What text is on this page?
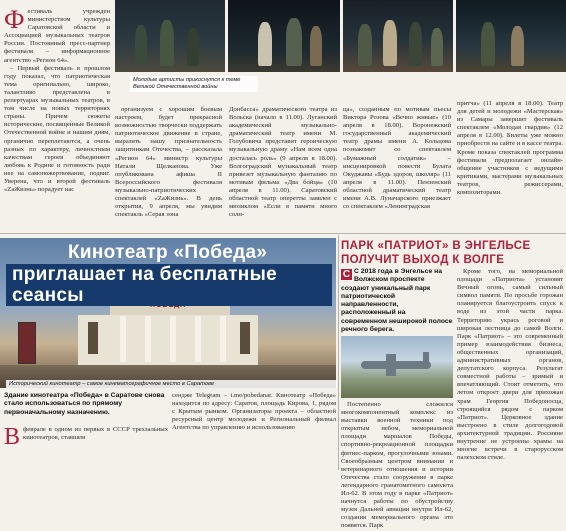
Молодые артисты прикоснутся к теме Великой Отечественной войны
Ф естиваль учрежден министерством культуры Саратовской области и Ассоциацией музыкальных театров России. Постоянный пресс-партнер фестиваля – информационное агентство «Регион 64».

– Первый фестиваль в прошлом году показал, что патриотическая тема оригинально, широко, талантливо представлена в репертуарах музыкальных театров, в том числе на новых территориях страны. Причем сюжеты исторические, посвященные Великой Отечественной войне и нашим дням, органично переплетаются, а очень разных по характеру, личностным качествам героев объединяют любовь к Родине и готовность ради нее на самопожертвование, подвиг. Уверена, что и второй фестиваль «ZаЖизнь» порадует нас

организуем с хорошим боевым настроем, будет прекрасной возможностью творчески поддержать патриотическое движение в стране, выразить нашу признательность защитникам Отечества, – рассказала «Регион 64» министр культуры Натали Щелканова. Уже опубликована афиша II Всероссийского фестиваля музыкально-патриотических спектаклей «ZаЖизнь». В день открытия, 9 апреля, мы увидим спектакль «Серая зона

Донбасса» драматического театра из Вольска (начало в 11.00). Луганский академический музыкально-драматический театр имени М. Голубовича представит героическую музыкальную драму «Нам всем одна досталась роль» (9 апреля в 18.00). Волгоградский музыкальный театр привезет музыкальную фантазию по мотивам фильма «Два бойца» (10 апреля в 11.00). Саратовский областной театр оперетты заявлен с мюзиклом «Если в памяти много солн-

ца», созданным по мотивам пьесы Виктора Розова «Вечно живые» (10 апреля в 18.00). Воронежский государственный академический театр драмы имени А. Кольцова познакомит со спектаклем «Бумажный солдатик» – инсценировкой повести Булата Окуджавы «Будь здоров, школяр» (11 апреля в 11.00). Пензенский областной драматический театр имени А.В. Луначарского приезжает со спектаклем «Ленинградская

притча» (11 апреля в 18.00). Театр для детей и молодежи «Мастерская» из Самары завершит фестиваль спектаклем «Молодая гвардия» (12 апреля в 12.00). Билеты уже можно приобрести на сайте и в кассе театра. Кроме показа спектаклей программа фестиваля предполагает онлайн-общение участников с ведущими критиками, мастерами музыкальных театров, режиссерами, композиторами.

Кинотеатр «Победа»
приглашает на бесплатные сеансы
Исторический кинотеатр – самое кинематографичное место в Саратове
Здание кинотеатра «Победа» в Саратове снова стало использоваться по прямому первоначальному назначению.
В феврале в одном из первых в СССР трехзальных кинотеатров, ставшем

сендже Telegram – t.me/pobedanar. Кинотеатр «Победа» находится по адресу: Саратов, площадь Кирова, 1, рядом с Крытым рынком. Организаторы проекта – областной ресурсный центр молодежи и Региональный филиал Агентства по управлению и использованию

ПАРК «ПАТРИОТ» В ЭНГЕЛЬСЕ ПОЛУЧИТ ВЫХОД К ВОЛГЕ
С С 2018 года в Энгельсе на Волжском проспекте создают уникальный парк патриотической направленности, расположенный на современном неширокой полосе речного берега.

Постепенно сложился многокомпонентный комплекс из выставки военной техники под открытым небом, мемориальной площади маршалов Победы, спортивно-рекреационной площадки фитнес-парком, прогулочными зонами. Своеобразным центром внимания и ветеринарного отношения и истории Отечества стало сооружение в парке легендарного гранатометного самолета Ил-62. В этом году в парке «Патриот» начнутся работы по обустройству музея Дальней авиации внутри Ил-62, создания мемориального органа это появятся. Парк

Кроме того, на мемориальной площади «Патриота» установят Вечный огонь, самый сильный символ памяти. По просьбе горожан планируется благоустроить спуск к воде из этой части парка. Территорию укрась роговой и широкая лестница до самой Волги. Парк «Патриот» – это современный пример взаимодействия бизнеса, общественных организаций, административных органов, депутатского корпуса. Результат совместной работы – зримый и впечатляющий. Стоит отметить, что летом откроет двери для прихожан храм Георгия Победоносца, строящийся рядом с парком «Патриот». Церковное здание выстроено в стиле долгогодовой архитектурной традиции. Россияне внутренне не устроены храмы на многие встречи в старорусском палехском стиле.
